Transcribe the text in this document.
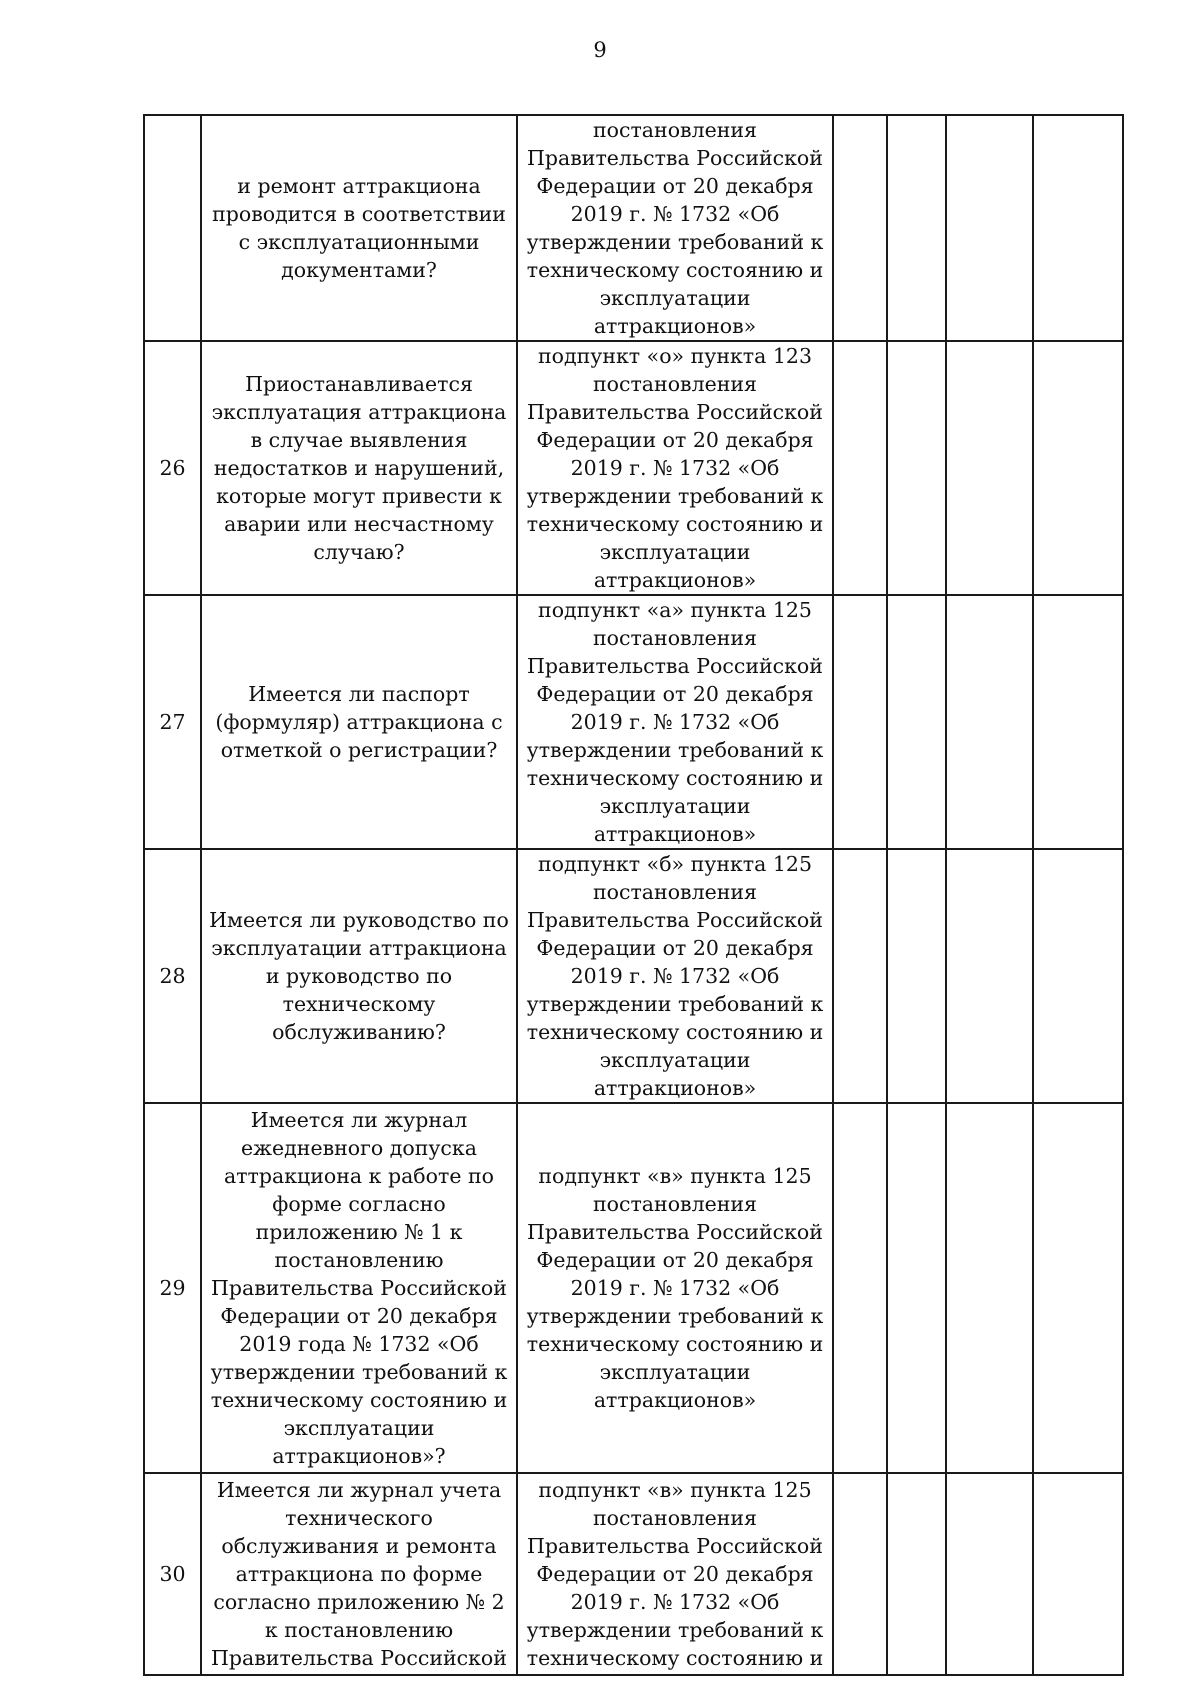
9
	и ремонт аттракциона проводится в соответствии с эксплуатационными документами?	постановления Правительства Российской Федерации от 20 декабря 2019 г. № 1732 «Об утверждении требований к техническому состоянию и эксплуатации аттракционов»				
26	Приостанавливается эксплуатация аттракциона в случае выявления недостатков и нарушений, которые могут привести к аварии или несчастному случаю?	подпункт «о» пункта 123 постановления Правительства Российской Федерации от 20 декабря 2019 г. № 1732 «Об утверждении требований к техническому состоянию и эксплуатации аттракционов»				
27	Имеется ли паспорт (формуляр) аттракциона с отметкой о регистрации?	подпункт «а» пункта 125 постановления Правительства Российской Федерации от 20 декабря 2019 г. № 1732 «Об утверждении требований к техническому состоянию и эксплуатации аттракционов»				
28	Имеется ли руководство по эксплуатации аттракциона и руководство по техническому обслуживанию?	подпункт «б» пункта 125 постановления Правительства Российской Федерации от 20 декабря 2019 г. № 1732 «Об утверждении требований к техническому состоянию и эксплуатации аттракционов»				
29	Имеется ли журнал ежедневного допуска аттракциона к работе по форме согласно приложению № 1 к постановлению Правительства Российской Федерации от 20 декабря 2019 года № 1732 «Об утверждении требований к техническому состоянию и эксплуатации аттракционов»?	подпункт «в» пункта 125 постановления Правительства Российской Федерации от 20 декабря 2019 г. № 1732 «Об утверждении требований к техническому состоянию и эксплуатации аттракционов»				
30	Имеется ли журнал учета технического обслуживания и ремонта аттракциона по форме согласно приложению № 2 к постановлению Правительства Российской	подпункт «в» пункта 125 постановления Правительства Российской Федерации от 20 декабря 2019 г. № 1732 «Об утверждении требований к техническому состоянию и				
